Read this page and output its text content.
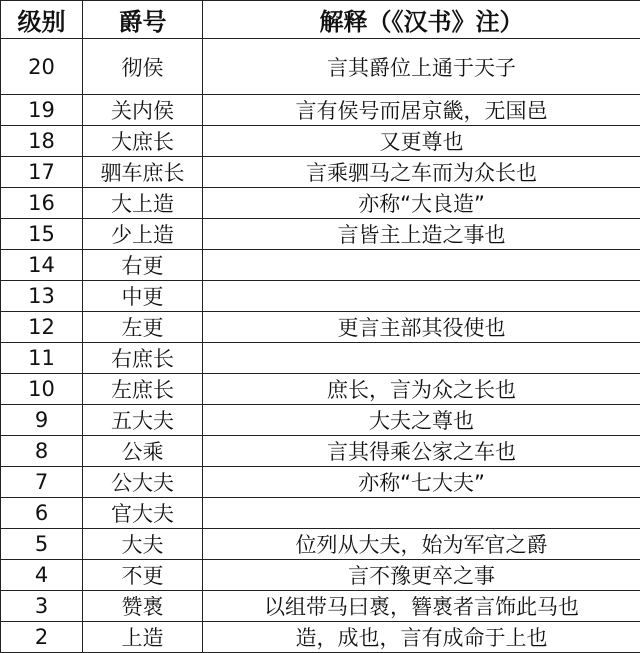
级别	爵号	解释（《汉书》注）
20	彻侯	言其爵位上通于天子
19	关内侯	言有侯号而居京畿，无国邑
18	大庶长	又更尊也
17	驷车庶长	言乘驷马之车而为众长也
16	大上造	亦称“大良造”
15	少上造	言皆主上造之事也
14	右更	
13	中更	
12	左更	更言主部其役使也
11	右庶长	
10	左庶长	庶长，言为众之长也
9	五大夫	大夫之尊也
8	公乘	言其得乘公家之车也
7	公大夫	亦称“七大夫”
6	官大夫	
5	大夫	位列从大夫，始为军官之爵
4	不更	言不豫更卒之事
3	赞褭	以组带马曰褭，簪褭者言饰此马也
2	上造	造，成也，言有成命于上也
